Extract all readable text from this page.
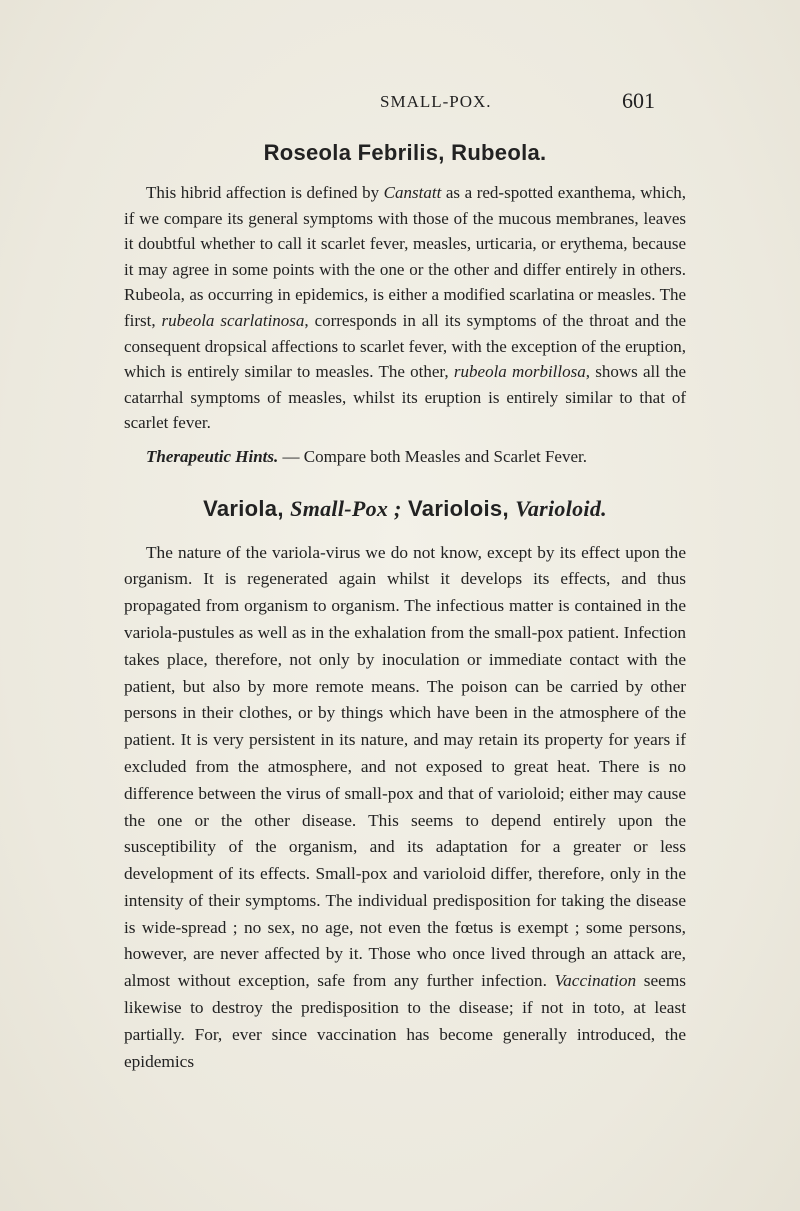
SMALL-POX.	601
Roseola Febrilis, Rubeola.

This hibrid affection is defined by Canstatt as a red-spotted exanthema, which, if we compare its general symptoms with those of the mucous membranes, leaves it doubtful whether to call it scarlet fever, measles, urticaria, or erythema, because it may agree in some points with the one or the other and differ entirely in others. Rubeola, as occurring in epidemics, is either a modified scarlatina or measles. The first, rubeola scarlatinosa, corresponds in all its symptoms of the throat and the consequent dropsical affections to scarlet fever, with the exception of the eruption, which is entirely similar to measles. The other, rubeola morbillosa, shows all the catarrhal symptoms of measles, whilst its eruption is entirely similar to that of scarlet fever.

Therapeutic Hints. — Compare both Measles and Scarlet Fever.

Variola, Small-Pox ; Variolois, Varioloid.

The nature of the variola-virus we do not know, except by its effect upon the organism. It is regenerated again whilst it develops its effects, and thus propagated from organism to organism. The infectious matter is contained in the variola-pustules as well as in the exhalation from the small-pox patient. Infection takes place, therefore, not only by inoculation or immediate contact with the patient, but also by more remote means. The poison can be carried by other persons in their clothes, or by things which have been in the atmosphere of the patient. It is very persistent in its nature, and may retain its property for years if excluded from the atmosphere, and not exposed to great heat. There is no difference between the virus of small-pox and that of varioloid; either may cause the one or the other disease. This seems to depend entirely upon the susceptibility of the organism, and its adaptation for a greater or less development of its effects. Small-pox and varioloid differ, therefore, only in the intensity of their symptoms. The individual predisposition for taking the disease is wide-spread ; no sex, no age, not even the fœtus is exempt ; some persons, however, are never affected by it. Those who once lived through an attack are, almost without exception, safe from any further infection. Vaccination seems likewise to destroy the predisposition to the disease; if not in toto, at least partially. For, ever since vaccination has become generally introduced, the epidemics
